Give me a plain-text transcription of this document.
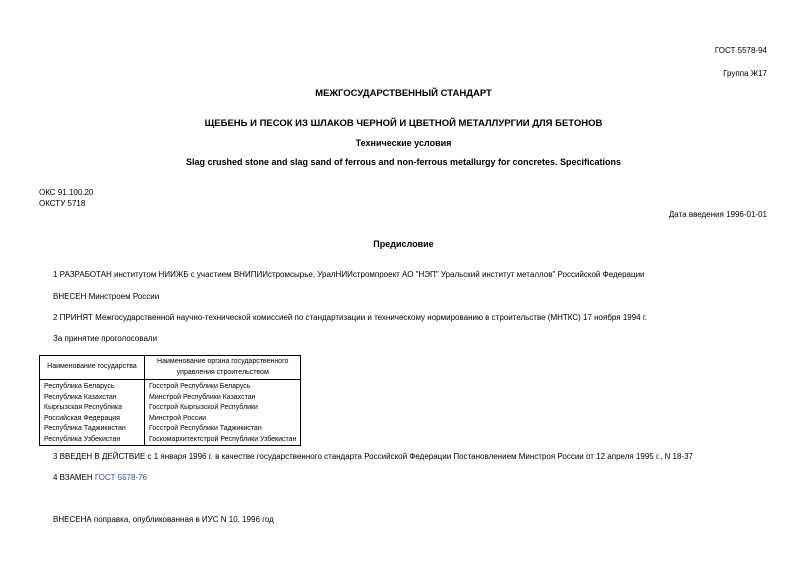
ГОСТ 5578-94
Группа Ж17
МЕЖГОСУДАРСТВЕННЫЙ СТАНДАРТ
ЩЕБЕНЬ И ПЕСОК ИЗ ШЛАКОВ ЧЕРНОЙ И ЦВЕТНОЙ МЕТАЛЛУРГИИ ДЛЯ БЕТОНОВ
Технические условия
Slag crushed stone and slag sand of ferrous and non-ferrous metallurgy for concretes. Specifications
ОКС 91.100.20
ОКСТУ 5718
Дата введения 1996-01-01
Предисловие
1 РАЗРАБОТАН институтом НИИЖБ с участием ВНИПИИстромсырье, УралНИИстромпроект АО "НЭП" Уральский институт металлов" Российской Федерации
ВНЕСЕН Минстроем России
2 ПРИНЯТ Межгосударственной научно-технической комиссией по стандартизации и техническому нормированию в строительстве (МНТКС) 17 ноября 1994 г.
За принятие проголосовали
Наименование государства	Наименование органа государственного управления строительством
Республика Беларусь	Госстрой Республики Беларусь
Республика Казахстан	Минстрой Республики Казахстан
Кыргызская Республика	Госстрой Кыргызской Республики
Российская Федерация	Минстрой России
Республика Таджикистан	Госстрой Республики Таджикистан
Республика Узбекистан	Госкомархитектстрой Республики Узбекистан
3 ВВЕДЕН В ДЕЙСТВИЕ с 1 января 1996 г. в качестве государственного стандарта Российской Федерации Постановлением Минстроя России от 12 апреля 1995 г., N 18-37
4 ВЗАМЕН ГОСТ 5578-76
ВНЕСЕНА поправка, опубликованная в ИУС N 10, 1996 год
